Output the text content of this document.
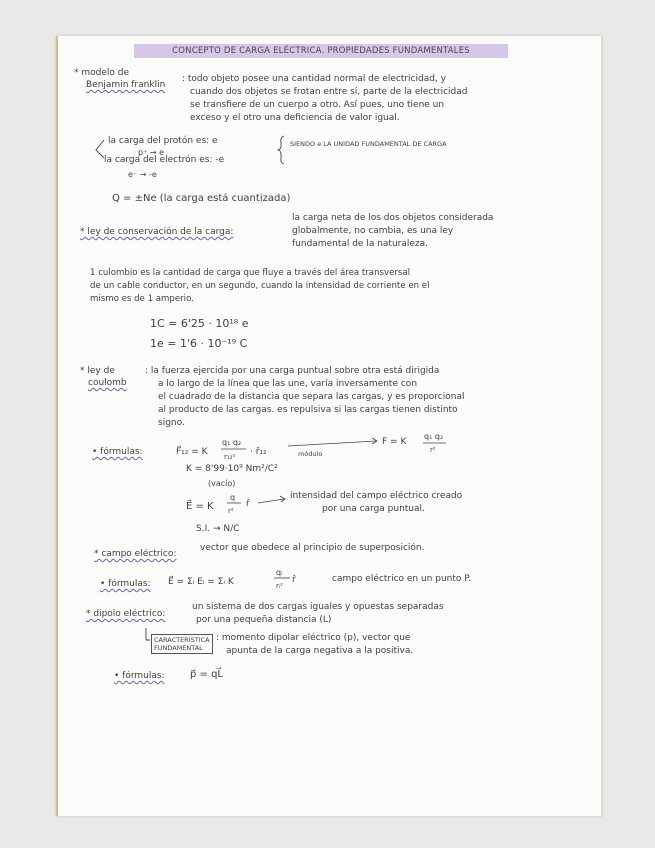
CONCEPTO DE CARGA ELÉCTRICA. PROPIEDADES FUNDAMENTALES
* modelo de
Benjamin franklin
: todo objeto posee una cantidad normal de electricidad, y
cuando dos objetos se frotan entre sí, parte de la electricidad
se transfiere de un cuerpo a otro. Así pues, uno tiene un
exceso y el otro una deficiencia de valor igual.
la carga del protón es: e
p⁺ → e
la carga del electrón es: -e
e⁻ → -e
SIENDO e LA UNIDAD FUNDAMENTAL DE CARGA
Q = ±Ne (la carga está cuantizada)
* ley de conservación de la carga:
la carga neta de los dos objetos considerada
globalmente, no cambia, es una ley
fundamental de la naturaleza.
1 culombio es la cantidad de carga que fluye a través del área transversal
de un cable conductor, en un segundo, cuando la intensidad de corriente en el
mismo es de 1 amperio.
1C = 6'25 · 10¹⁸ e
1e = 1'6 · 10⁻¹⁹ C
* ley de
coulomb
: la fuerza ejercida por una carga puntual sobre otra está dirigida
a lo largo de la línea que las une, varía inversamente con
el cuadrado de la distancia que separa las cargas, y es proporcional
al producto de las cargas. es repulsiva si las cargas tienen distinto
signo.
• fórmulas:	F⃗₁₂ = K
q₁ q₂
r₁₂² · r̂₁₂	módulo
F = K
q₁ q₂
r²
K = 8'99·10⁹ Nm²/C²
(vacío)
E⃗ = K
q
r²
r̂
intensidad del campo eléctrico creado
por una carga puntual.
S.I. → N/C
* campo eléctrico:
vector que obedece al principio de superposición.
• fórmulas: E⃗ = Σᵢ Eᵢ = Σᵢ K
qᵢ
rᵢ²
r̂	campo eléctrico en un punto P.
* dipolo eléctrico:
un sistema de dos cargas iguales y opuestas separadas
por una pequeña distancia (L)
CARACTERÍSTICA
FUNDAMENTAL
: momento dipolar eléctrico (p), vector que
apunta de la carga negativa a la positiva.
• fórmulas:	p⃗ = qL⃗
